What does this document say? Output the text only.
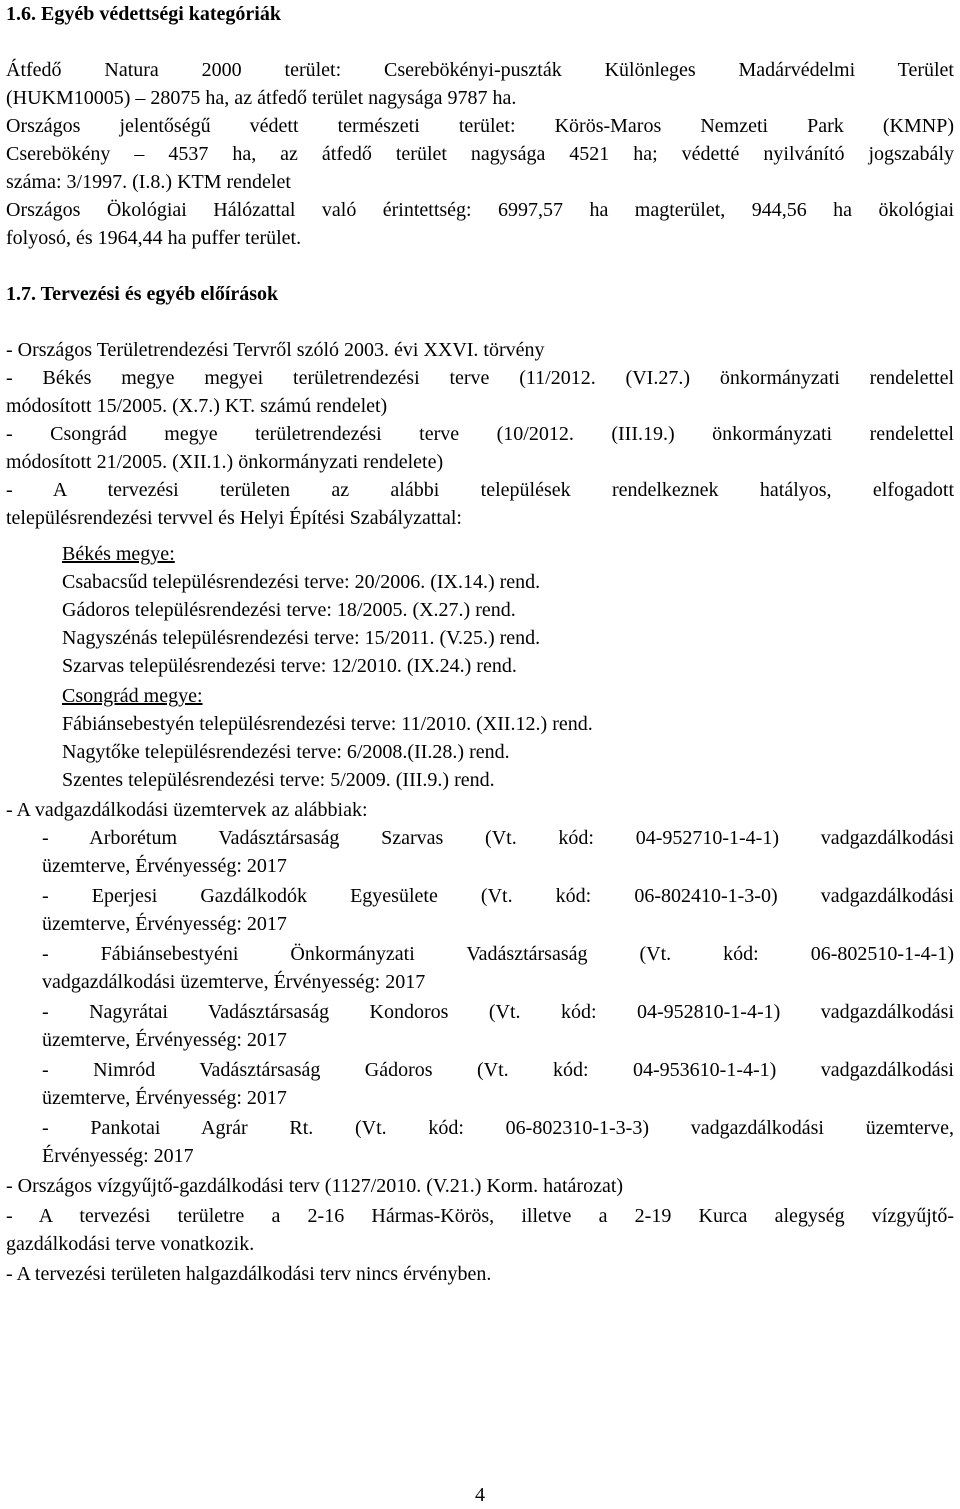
1.6. Egyéb védettségi kategóriák
Átfedő Natura 2000 terület: Cserebökényi-puszták Különleges Madárvédelmi Terület
(HUKM10005) – 28075 ha, az átfedő terület nagysága 9787 ha.
Országos jelentőségű védett természeti terület: Körös-Maros Nemzeti Park (KMNP)
Cserebökény – 4537 ha, az átfedő terület nagysága 4521 ha; védetté nyilvánító jogszabály
száma: 3/1997. (I.8.) KTM rendelet
Országos Ökológiai Hálózattal való érintettség: 6997,57 ha magterület, 944,56 ha ökológiai
folyosó, és 1964,44 ha puffer terület.
1.7. Tervezési és egyéb előírások
- Országos Területrendezési Tervről szóló 2003. évi XXVI. törvény
- Békés megye megyei területrendezési terve (11/2012. (VI.27.) önkormányzati rendelettel
módosított 15/2005. (X.7.) KT. számú rendelet)
- Csongrád megye területrendezési terve (10/2012. (III.19.) önkormányzati rendelettel
módosított 21/2005. (XII.1.) önkormányzati rendelete)
- A tervezési területen az alábbi települések rendelkeznek hatályos, elfogadott
településrendezési tervvel és Helyi Építési Szabályzattal:
Békés megye:
Csabacsűd településrendezési terve: 20/2006. (IX.14.) rend.
Gádoros településrendezési terve: 18/2005. (X.27.) rend.
Nagyszénás településrendezési terve: 15/2011. (V.25.) rend.
Szarvas településrendezési terve: 12/2010. (IX.24.) rend.
Csongrád megye:
Fábiánsebestyén településrendezési terve: 11/2010. (XII.12.) rend.
Nagytőke településrendezési terve: 6/2008.(II.28.) rend.
Szentes településrendezési terve: 5/2009. (III.9.) rend.
- A vadgazdálkodási üzemtervek az alábbiak:
- Arborétum Vadásztársaság Szarvas (Vt. kód: 04-952710-1-4-1) vadgazdálkodási
üzemterve, Érvényesség: 2017
- Eperjesi Gazdálkodók Egyesülete (Vt. kód: 06-802410-1-3-0) vadgazdálkodási
üzemterve, Érvényesség: 2017
- Fábiánsebestyéni Önkormányzati Vadásztársaság (Vt. kód: 06-802510-1-4-1)
vadgazdálkodási üzemterve, Érvényesség: 2017
- Nagyrátai Vadásztársaság Kondoros (Vt. kód: 04-952810-1-4-1) vadgazdálkodási
üzemterve, Érvényesség: 2017
- Nimród Vadásztársaság Gádoros (Vt. kód: 04-953610-1-4-1) vadgazdálkodási
üzemterve, Érvényesség: 2017
- Pankotai Agrár Rt. (Vt. kód: 06-802310-1-3-3) vadgazdálkodási üzemterve,
Érvényesség: 2017
- Országos vízgyűjtő-gazdálkodási terv (1127/2010. (V.21.) Korm. határozat)
- A tervezési területre a 2-16 Hármas-Körös, illetve a 2-19 Kurca alegység vízgyűjtő-
gazdálkodási terve vonatkozik.
- A tervezési területen halgazdálkodási terv nincs érvényben.
4
